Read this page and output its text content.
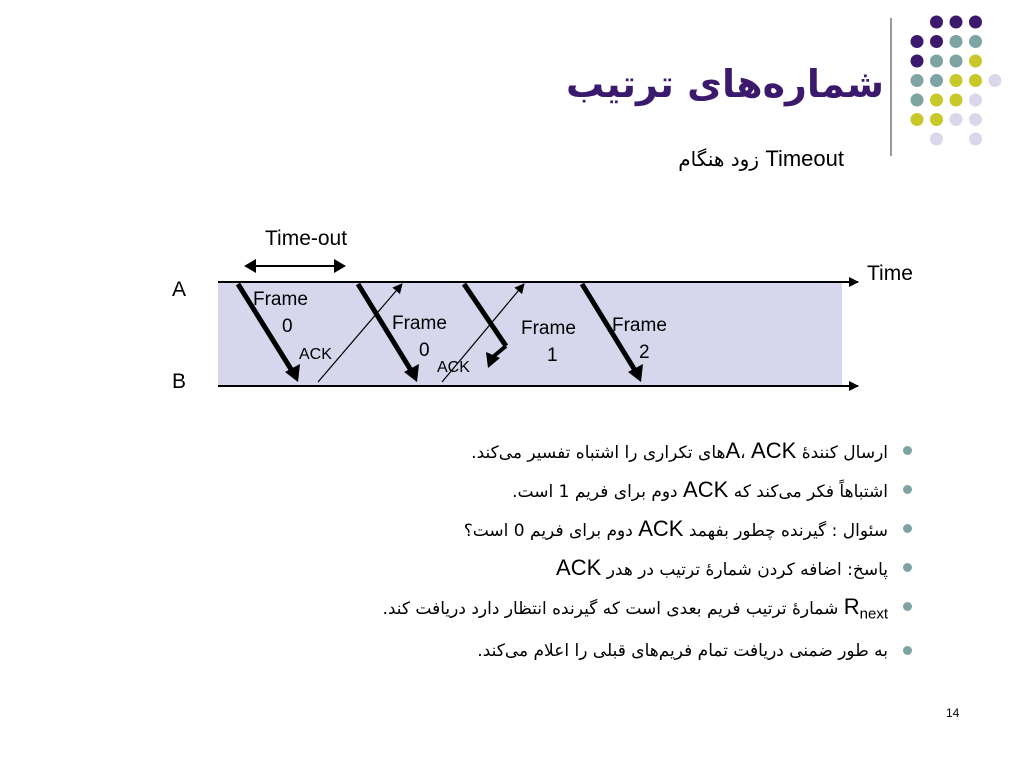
شماره‌های ترتیب
Timeout زود هنگام
Time-out
Time
A
B
Frame
0	Frame
0
Frame
1
Frame
2
ACK
ACK
ارسال کنندهٔ A، ACKهای تکراری را اشتباه تفسیر می‌کند.
اشتباهاً فکر می‌کند که ACK دوم برای فریم 1 است.
سئوال : گیرنده چطور بفهمد ACK دوم برای فریم 0 است؟
پاسخ: اضافه کردن شمارهٔ ترتیب در هدر ACK
$R_{next}$ شمارهٔ ترتیب فریم بعدی است که گیرنده انتظار دارد دریافت کند.
به طور ضمنی دریافت تمام فریم‌های قبلی را اعلام می‌کند.
14
